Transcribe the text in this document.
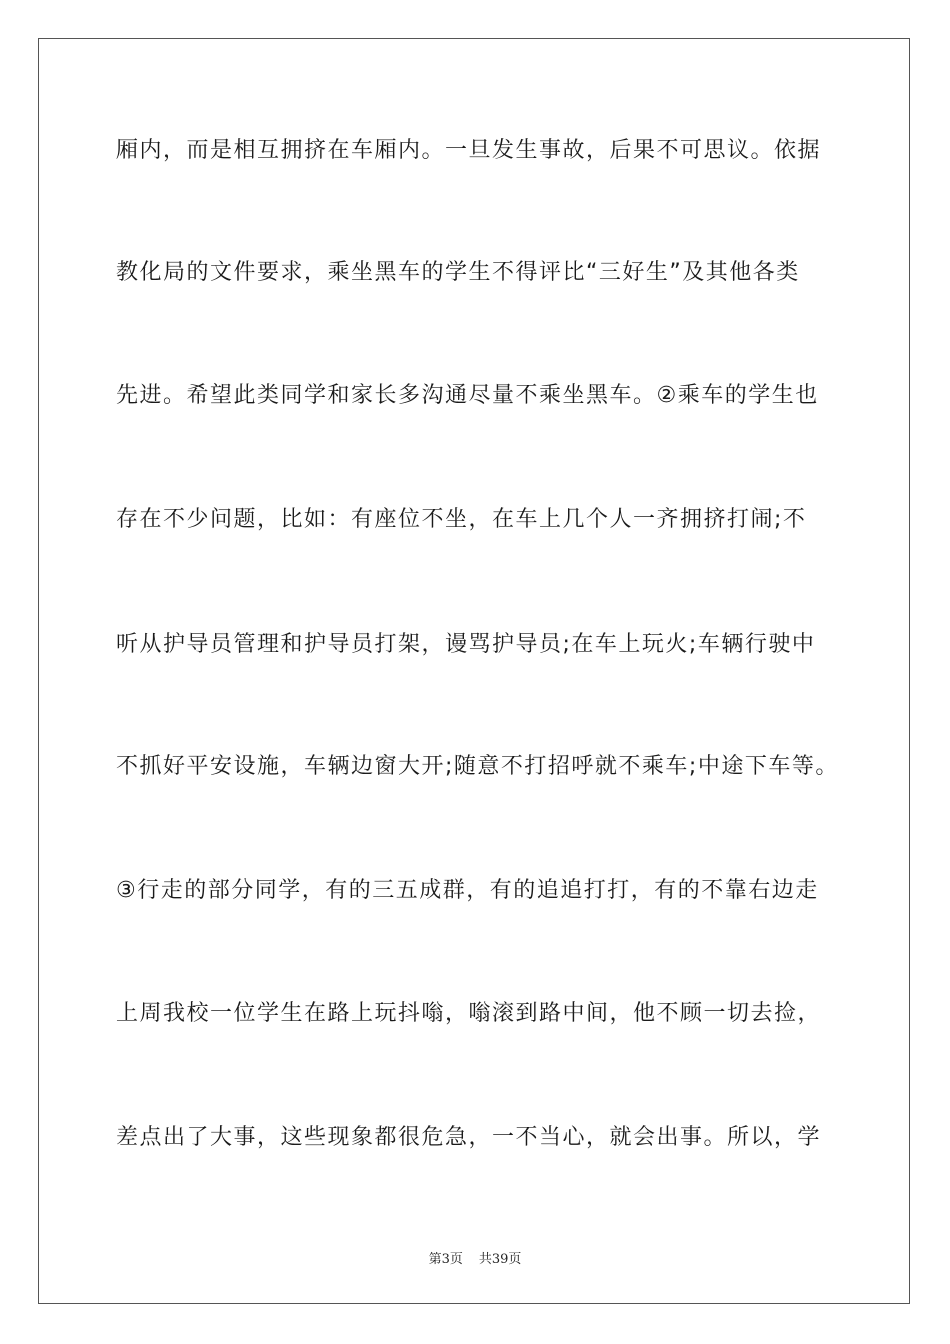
厢内，而是相互拥挤在车厢内。一旦发生事故，后果不可思议。依据
教化局的文件要求，乘坐黑车的学生不得评比“三好生”及其他各类
先进。希望此类同学和家长多沟通尽量不乘坐黑车。②乘车的学生也
存在不少问题，比如：有座位不坐，在车上几个人一齐拥挤打闹;不
听从护导员管理和护导员打架，谩骂护导员;在车上玩火;车辆行驶中
不抓好平安设施，车辆边窗大开;随意不打招呼就不乘车;中途下车等。
③行走的部分同学，有的三五成群，有的追追打打，有的不靠右边走
上周我校一位学生在路上玩抖嗡，嗡滚到路中间，他不顾一切去捡，
差点出了大事，这些现象都很危急，一不当心，就会出事。所以，学
第3页 共39页
